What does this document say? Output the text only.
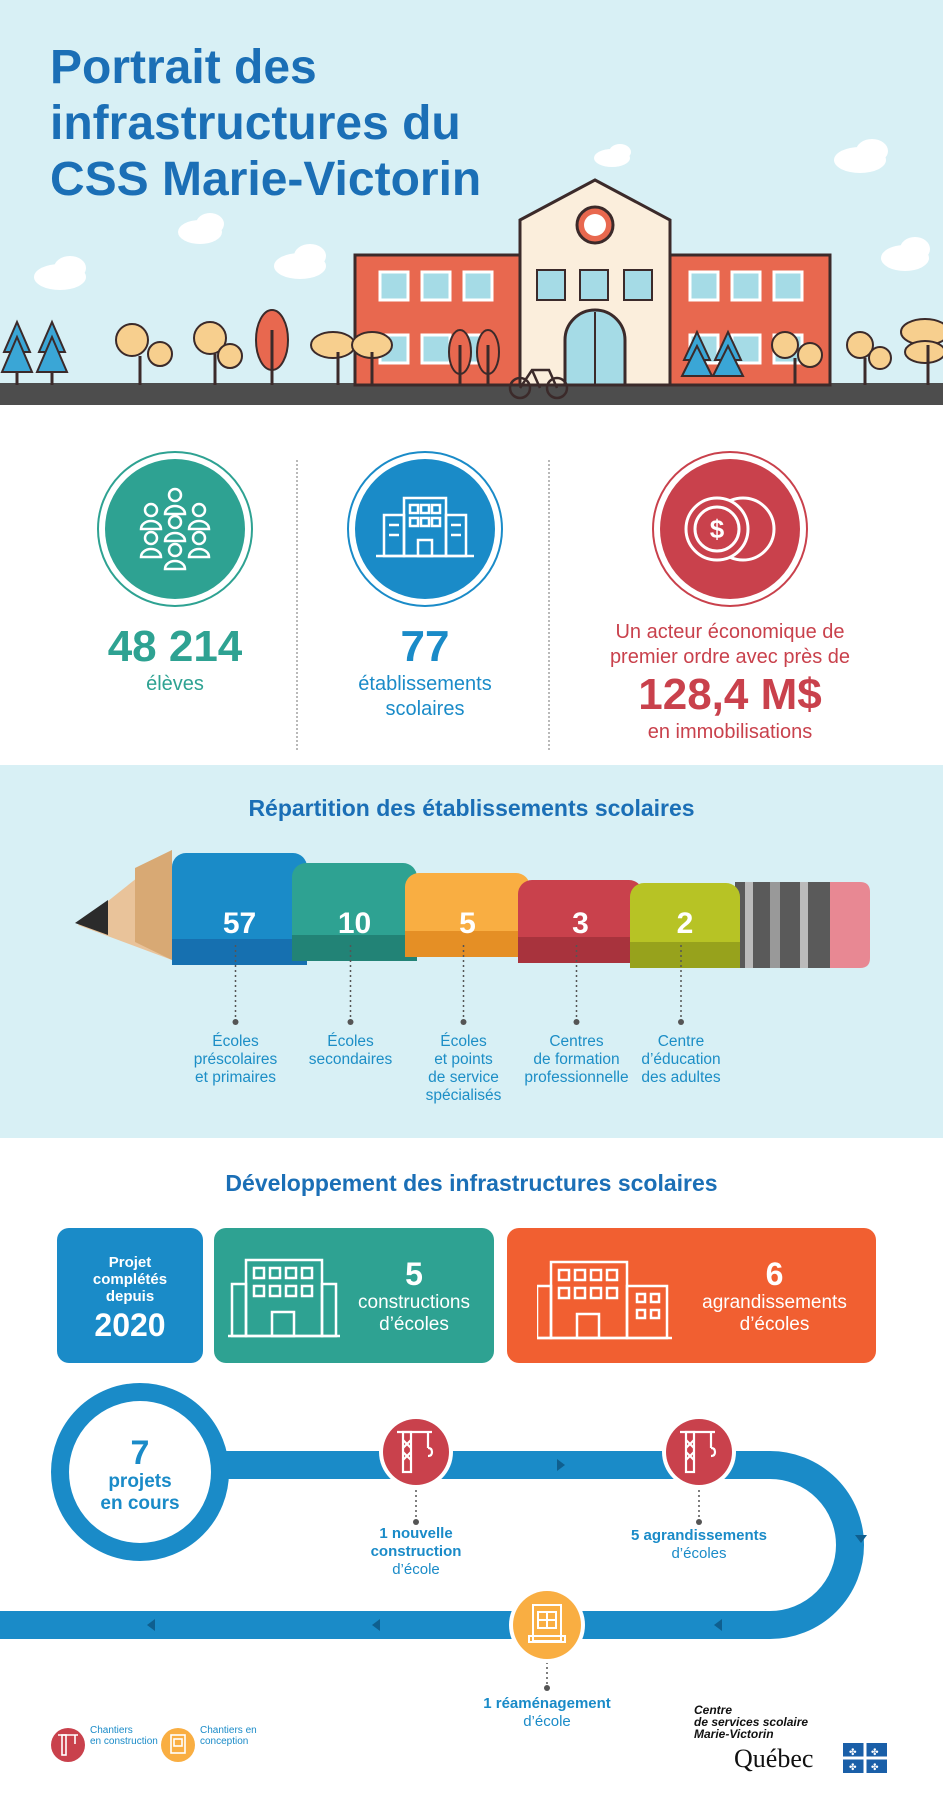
Portrait des
infrastructures du
CSS Marie-Victorin
48 214
élèves
77
établissements
scolaires
$
Un acteur économique de
premier ordre avec près de
128,4 M$
en immobilisations
Répartition des établissements scolaires
57	10	5	3	2
Écoles
préscolaires
et primaires
Écoles
secondaires
Écoles
et points
de service
spécialisés
Centres
de formation
professionnelle
Centre
d’éducation
des adultes
Développement des infrastructures scolaires
Projet
complétés
depuis
2020
5
constructions
d’écoles
6
agrandissements
d’écoles
✤ ✤
✤ ✤
7
projets
en cours
1 nouvelle
construction
d’école
5 agrandissements
d’écoles
1 réaménagement
d’école
Chantiers
en construction
Chantiers en
conception
Centre
de services scolaire
Marie-Victorin
Québec
